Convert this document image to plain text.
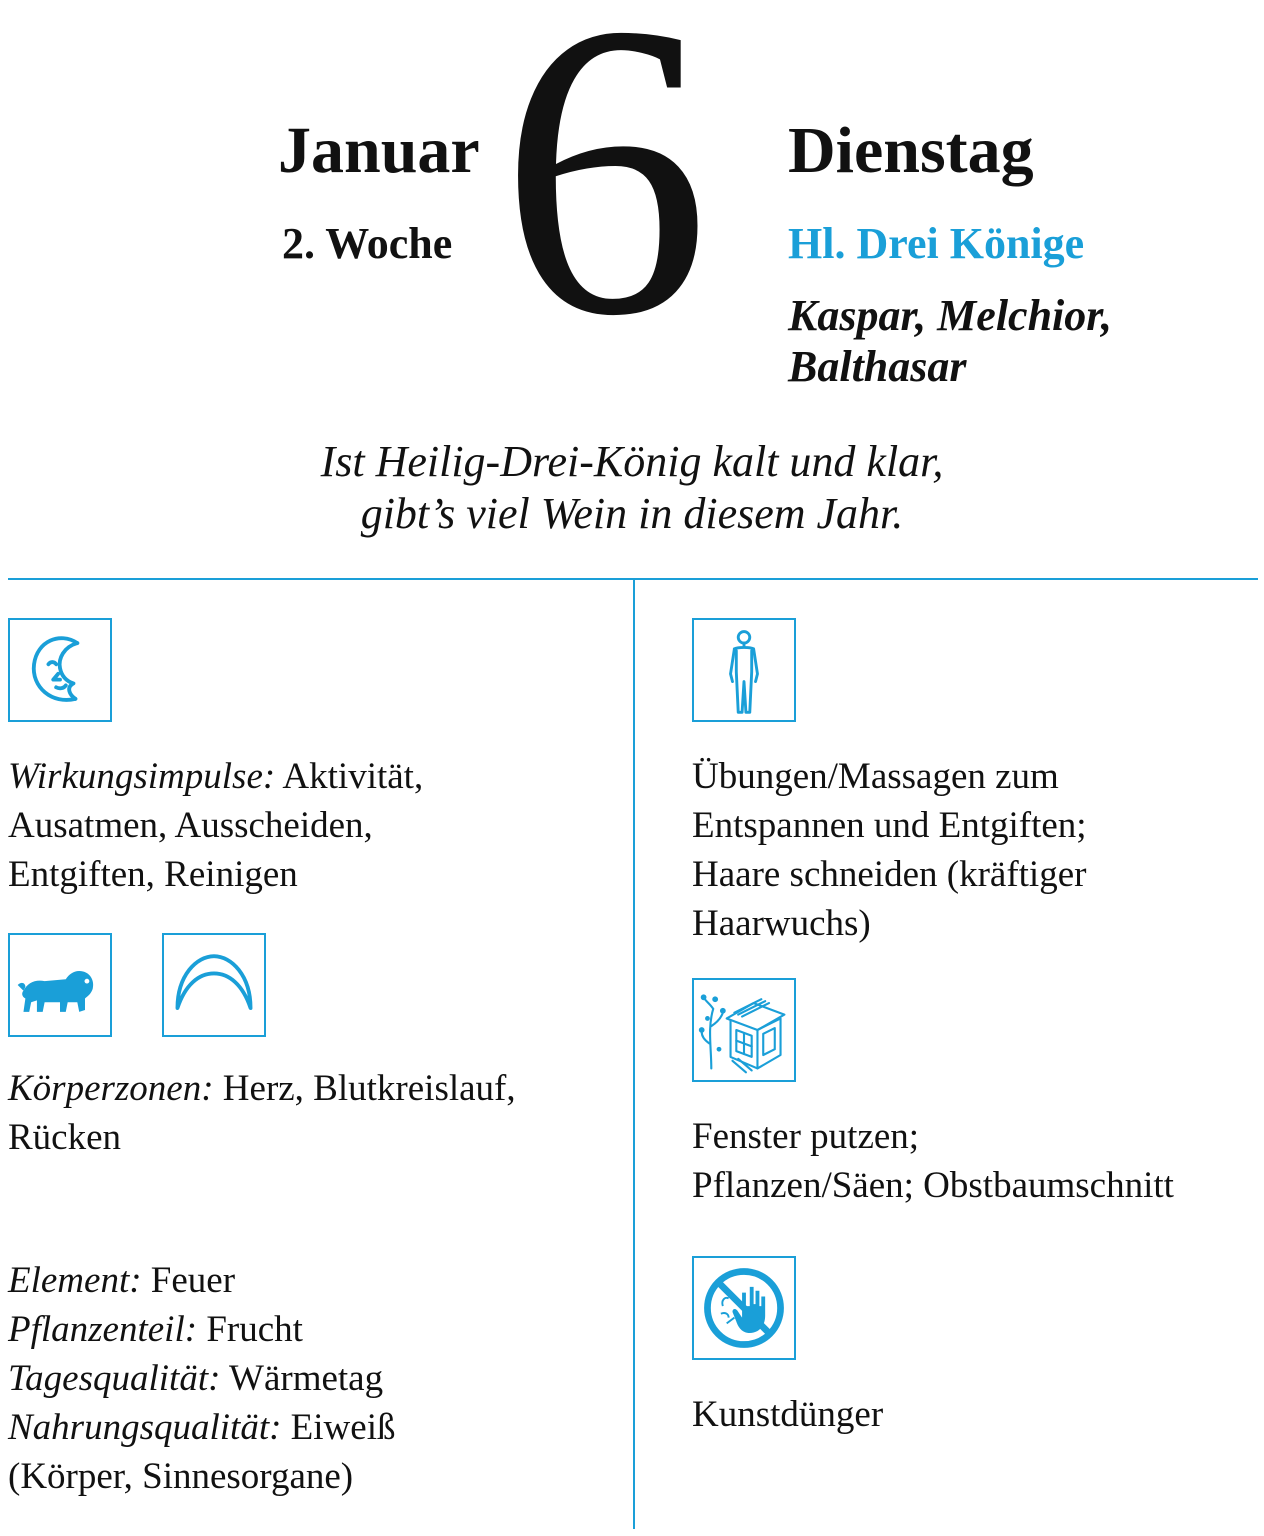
Januar
2. Woche 6 Dienstag
Hl. Drei Könige
Kaspar, Melchior,
Balthasar
Ist Heilig-Drei-König kalt und klar,
gibt’s viel Wein in diesem Jahr.
Wirkungsimpulse: Aktivität,
Ausatmen, Ausscheiden,
Entgiften, Reinigen
Körperzonen: Herz, Blutkreislauf,
Rücken
Element: Feuer
Pflanzenteil: Frucht
Tagesqualität: Wärmetag
Nahrungsqualität: Eiweiß
(Körper, Sinnesorgane)
Übungen/Massagen zum
Entspannen und Entgiften;
Haare schneiden (kräftiger
Haarwuchs)
Fenster putzen;
Pflanzen/Säen; Obstbaumschnitt
Kunstdünger
